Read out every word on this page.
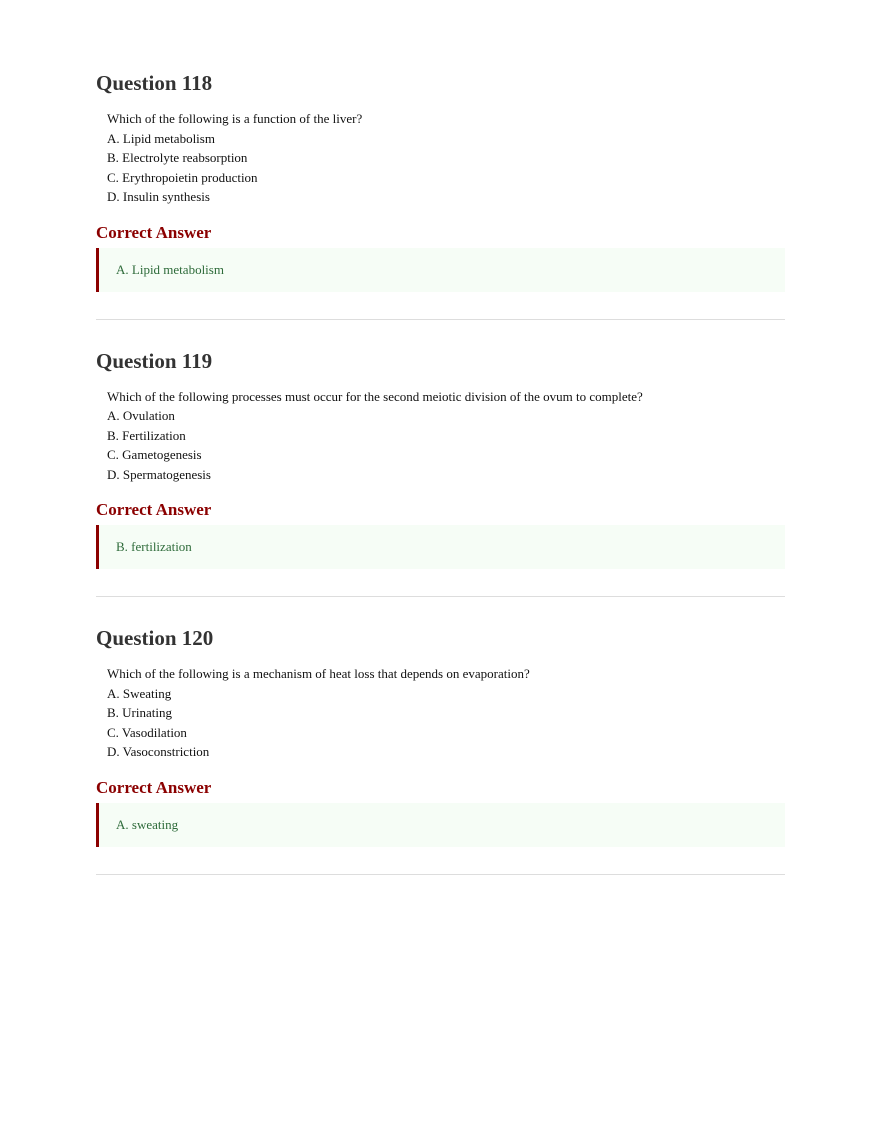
Question 118

Which of the following is a function of the liver?

A. Lipid metabolism

B. Electrolyte reabsorption

C. Erythropoietin production

D. Insulin synthesis

Correct Answer
A. Lipid metabolism
Question 119

Which of the following processes must occur for the second meiotic division of the ovum to complete?

A. Ovulation

B. Fertilization

C. Gametogenesis

D. Spermatogenesis

Correct Answer
B. fertilization
Question 120

Which of the following is a mechanism of heat loss that depends on evaporation?

A. Sweating

B. Urinating

C. Vasodilation

D. Vasoconstriction

Correct Answer
A. sweating
